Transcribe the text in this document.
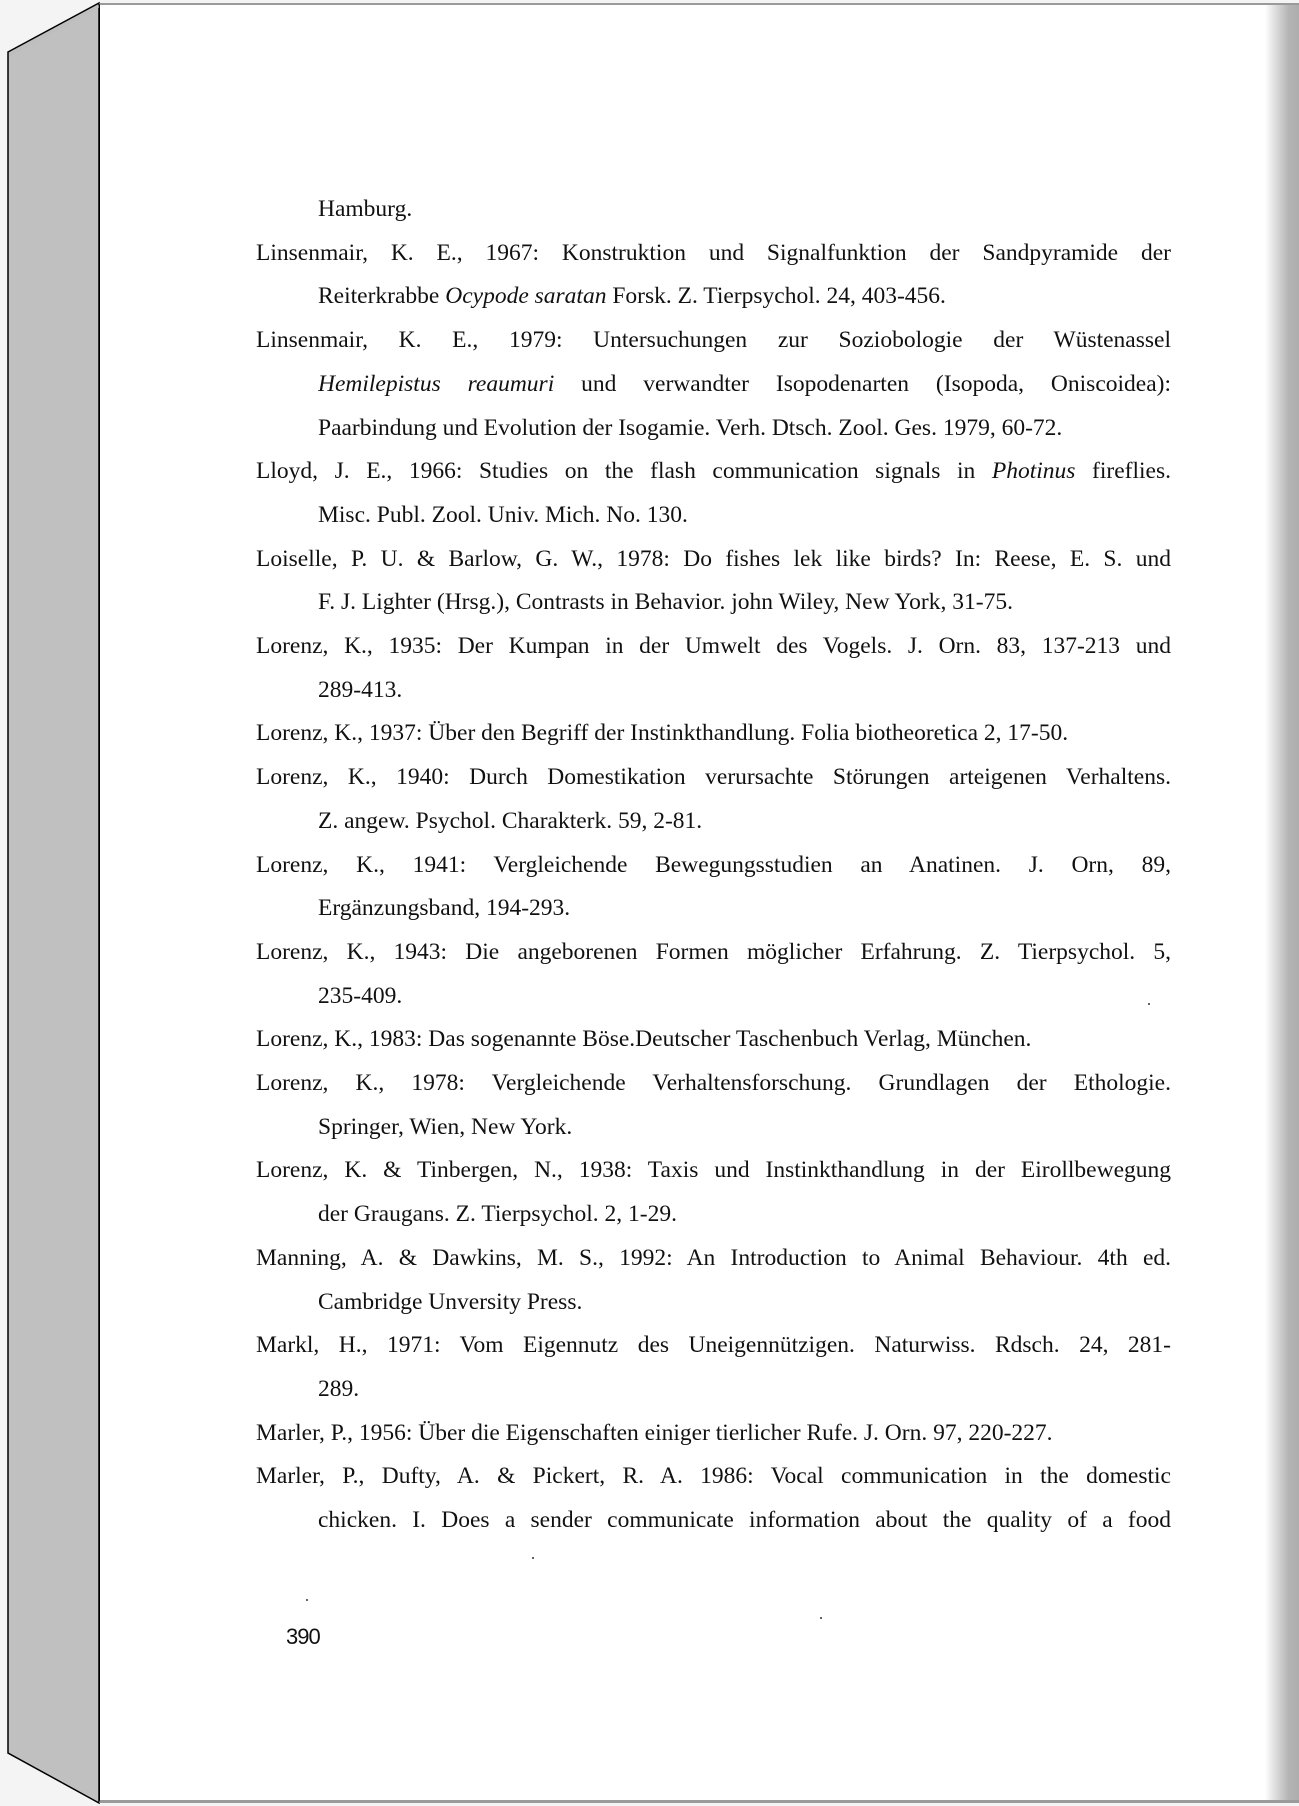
Hamburg.
Linsenmair, K. E., 1967: Konstruktion und Signalfunktion der Sandpyramide der
Reiterkrabbe Ocypode saratan Forsk. Z. Tierpsychol. 24, 403-456.
Linsenmair, K. E., 1979: Untersuchungen zur Soziobologie der Wüstenassel
Hemilepistus reaumuri und verwandter Isopodenarten (Isopoda, Oniscoidea):
Paarbindung und Evolution der Isogamie. Verh. Dtsch. Zool. Ges. 1979, 60-72.
Lloyd, J. E., 1966: Studies on the flash communication signals in Photinus fireflies.
Misc. Publ. Zool. Univ. Mich. No. 130.
Loiselle, P. U. & Barlow, G. W., 1978: Do fishes lek like birds? In: Reese, E. S. und
F. J. Lighter (Hrsg.), Contrasts in Behavior. john Wiley, New York, 31-75.
Lorenz, K., 1935: Der Kumpan in der Umwelt des Vogels. J. Orn. 83, 137-213 und
289-413.
Lorenz, K., 1937: Über den Begriff der Instinkthandlung. Folia biotheoretica 2, 17-50.
Lorenz, K., 1940: Durch Domestikation verursachte Störungen arteigenen Verhaltens.
Z. angew. Psychol. Charakterk. 59, 2-81.
Lorenz, K., 1941: Vergleichende Bewegungsstudien an Anatinen. J. Orn, 89,
Ergänzungsband, 194-293.
Lorenz, K., 1943: Die angeborenen Formen möglicher Erfahrung. Z. Tierpsychol. 5,
235-409.
Lorenz, K., 1983: Das sogenannte Böse.Deutscher Taschenbuch Verlag, München.
Lorenz, K., 1978: Vergleichende Verhaltensforschung. Grundlagen der Ethologie.
Springer, Wien, New York.
Lorenz, K. & Tinbergen, N., 1938: Taxis und Instinkthandlung in der Eirollbewegung
der Graugans. Z. Tierpsychol. 2, 1-29.
Manning, A. & Dawkins, M. S., 1992: An Introduction to Animal Behaviour. 4th ed.
Cambridge Unversity Press.
Markl, H., 1971: Vom Eigennutz des Uneigennützigen. Naturwiss. Rdsch. 24, 281-
289.
Marler, P., 1956: Über die Eigenschaften einiger tierlicher Rufe. J. Orn. 97, 220-227.
Marler, P., Dufty, A. & Pickert, R. A. 1986: Vocal communication in the domestic
chicken. I. Does a sender communicate information about the quality of a food
390
